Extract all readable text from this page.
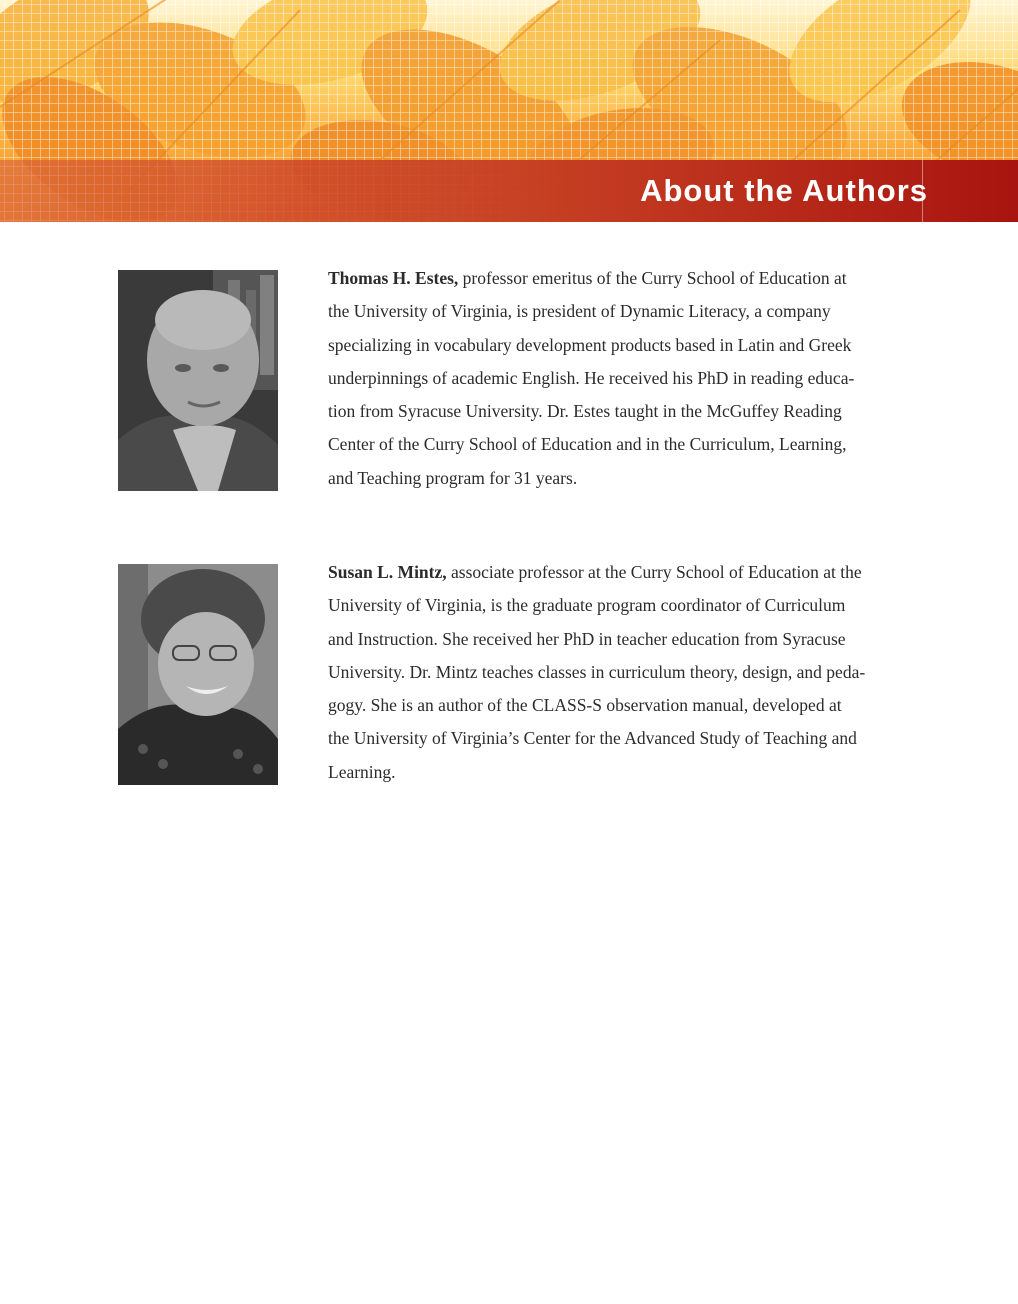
About the Authors

Thomas H. Estes, professor emeritus of the Curry School of Education at
the University of Virginia, is president of Dynamic Literacy, a company
specializing in vocabulary development products based in Latin and Greek
underpinnings of academic English. He received his PhD in reading educa-
tion from Syracuse University. Dr. Estes taught in the McGuffey Reading
Center of the Curry School of Education and in the Curriculum, Learning,
and Teaching program for 31 years.

Susan L. Mintz, associate professor at the Curry School of Education at the
University of Virginia, is the graduate program coordinator of Curriculum
and Instruction. She received her PhD in teacher education from Syracuse
University. Dr. Mintz teaches classes in curriculum theory, design, and peda-
gogy. She is an author of the CLASS-S observation manual, developed at
the University of Virginia’s Center for the Advanced Study of Teaching and
Learning.
